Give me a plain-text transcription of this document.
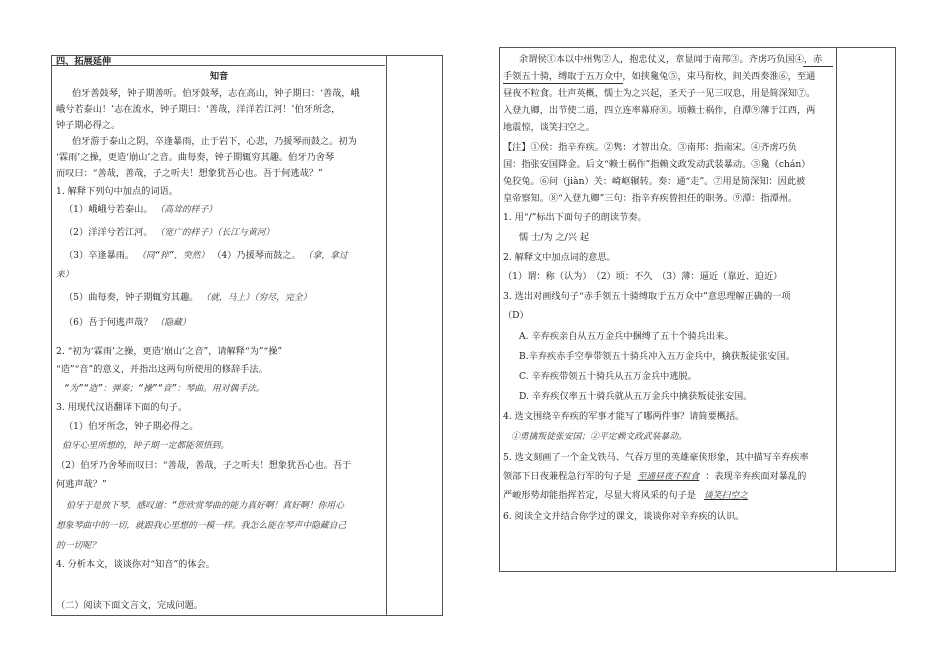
四、拓展延伸
知音
伯牙善鼓琴，钟子期善听。伯牙鼓琴，志在高山，钟子期曰：‘善哉，峨
峨兮若泰山！’志在流水，钟子期曰：‘善哉，洋洋若江河！’伯牙所念，
钟子期必得之。
伯牙游于泰山之阴，卒逢暴雨，止于岩下，心悲，乃援琴而鼓之。初为
‘霖雨’之操，更造‘崩山’之音。曲每奏，钟子期辄穷其趣。伯牙乃舍琴
而叹曰：“善哉，善哉，子之听夫！想象犹吾心也。吾于何逃哉？”
1. 解释下列句中加点的词语。
（1）峨峨兮若泰山。 （高耸的样子）
（2）洋洋兮若江河。 （宽广的样子）（长江与黄河）
（3）卒逢暴雨。 （同“猝”，突然） （4）乃援琴而鼓之。 （拿，拿过
来）
（5）曲每奏，钟子期辄穷其趣。 （就，马上）（穷尽，完全）
（6）吾于何逃声哉？ （隐藏）
2. “初为‘霖雨’之操，更造‘崩山’之音”，请解释“为”“操”
“造”“音”的意义，并指出这两句所使用的修辞手法。
“为”“造”：弹奏；“操”“音”：琴曲。用对偶手法。
3. 用现代汉语翻译下面的句子。
（1）伯牙所念，钟子期必得之。
伯牙心里所想的，钟子期一定都能领悟到。
（2）伯牙乃舍琴而叹曰：“善哉，善哉，子之听夫！想象犹吾心也。吾于
何逃声哉？”
伯牙于是放下琴，感叹道：“您欣赏琴曲的能力真好啊！真好啊！你用心
想象琴曲中的一切，就跟我心里想的一模一样。我怎么能在琴声中隐藏自己
的一切呢？
4. 分析本文，谈谈你对“知音”的体会。
（二）阅读下面文言文，完成问题。
余谓侯①本以中州隽②人，抱忠仗义，章显闻于南邦③。齐虏巧负国④，赤
手领五十骑，缚取于五万众中，如挟毚兔⑤，束马衔枚，间关西奏淮⑥，至通
昼夜不粒食。壮声英概，懦士为之兴起，圣天子一见三叹息，用是简深知⑦。
入登九卿，出节使二道，四立连率幕府⑧。顷赖士祸作，自潭⑨薄于江西，两
地震惊，谈笑扫空之。
【注】①侯：指辛弃疾。②隽：才智出众。③南邦：指南宋。④齐虏巧负
国：指张安国降金。后文“赖士祸作”指赖文政发动武装暴动。⑤毚（chán）
兔狡兔。⑥问（jiàn）关：崎岖辗转。奏：通“走”。⑦用是简深知：因此被
皇帝察知。⑧“入登九卿”三句：指辛弃疾曾担任的职务。⑨潭：指潭州。
1. 用“/”标出下面句子的朗读节奏。
懦 士/为 之/兴 起
2. 解释文中加点词的意思。
（1）谓：称（认为）　（2）顷：不久　（3）薄：逼近（靠近、迫近）
3. 选出对画线句子“赤手领五十骑缚取于五万众中”意思理解正确的一项
（D）
A. 辛弃疾亲自从五万金兵中捆缚了五十个骑兵出来。
B.辛弃疾赤手空拳带领五十骑兵冲入五万金兵中，擒获叛徒张安国。
C. 辛弃疾带领五十骑兵从五万金兵中逃脱。
D. 辛弃疾仅率五十骑兵就从五万金兵中擒获叛徒张安国。
4. 选文围绕辛弃疾的军事才能写了哪两件事？请简要概括。
①勇擒叛徒张安国；②平定赖文政武装暴动。
5. 选文刻画了一个金戈铁马、气吞万里的英雄豪侠形象，其中描写辛弃疾率
领部下日夜兼程急行军的句子是 至通昼夜不粒食 ：表现辛弃疾面对暴乱的
严峻形势却能指挥若定，尽显大将风采的句子是 谈笑扫空之
6. 阅读全文并结合你学过的课文，谈谈你对辛弃疾的认识。
